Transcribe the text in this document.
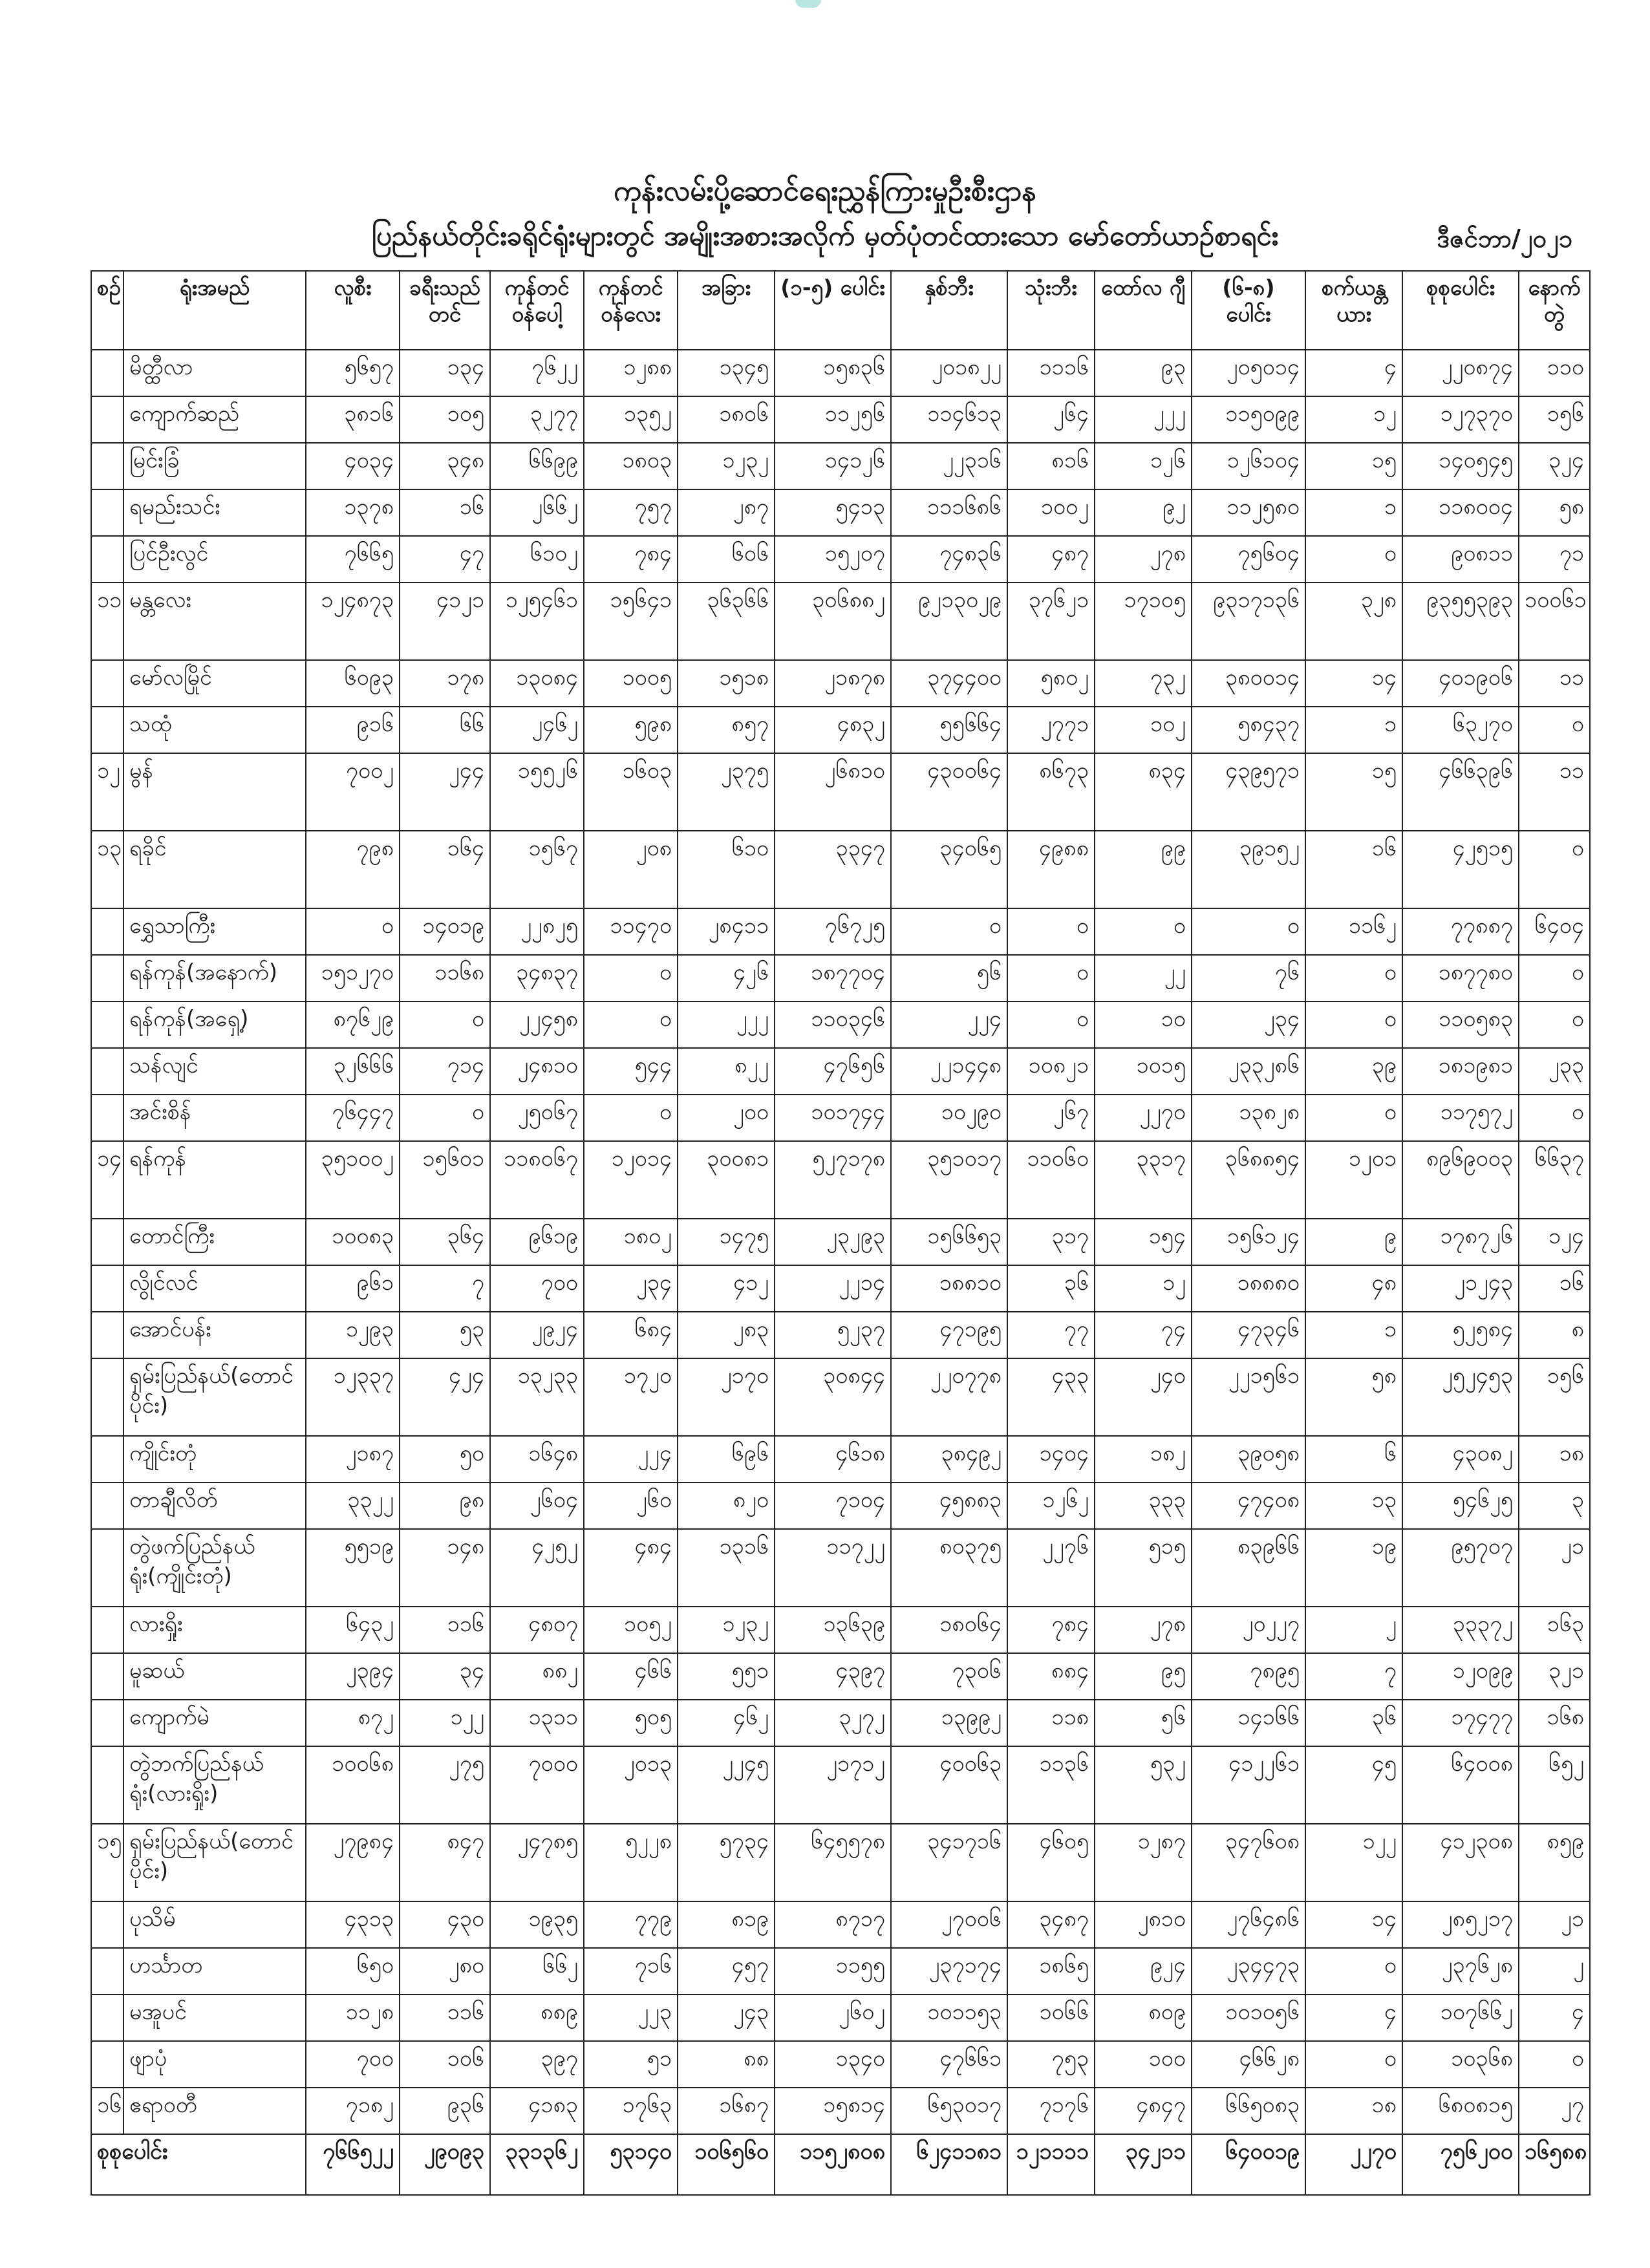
ကုန်းလမ်းပို့ဆောင်ရေးညွှန်ကြားမှုဦးစီးဌာန
ပြည်နယ်တိုင်းခရိုင်ရုံးများတွင် အမျိုးအစားအလိုက် မှတ်ပုံတင်ထားသော မော်တော်ယာဉ်စာရင်း	ဒီဇင်ဘာ/၂၀၂၁
စဉ်	ရုံးအမည်	လူစီး	ခရီးသည် တင်	ကုန်တင် ဝန်ပေါ့	ကုန်တင် ဝန်လေး	အခြား	(၁-၅) ပေါင်း	နှစ်ဘီး	သုံးဘီး	ထော်လ ဂျီ	(၆-၈) ပေါင်း	စက်ယန္တယား	စုစုပေါင်း	နောက်တွဲ
	မိတ္ထီလာ	၅၆၅၇	၁၃၄	၇၆၂၂	၁၂၈၈	၁၃၄၅	၁၅၈၃၆	၂၀၁၈၂၂	၁၁၁၆	၉၃	၂၀၅၀၁၄	၄	၂၂၀၈၇၄	၁၁၀
	ကျောက်ဆည်	၃၈၁၆	၁၀၅	၃၂၇၇	၁၃၅၂	၁၈၀၆	၁၁၂၅၆	၁၁၄၆၁၃	၂၆၄	၂၂၂	၁၁၅၀၉၉	၁၂	၁၂၇၃၇၀	၁၅၆
	မြင်းခြံ	၄၀၃၄	၃၄၈	၆၆၉၉	၁၈၀၃	၁၂၃၂	၁၄၁၂၆	၂၂၃၁၆	၈၁၆	၁၂၆	၁၂၆၁၀၄	၁၅	၁၄၀၅၄၅	၃၂၄
	ရမည်းသင်း	၁၃၇၈	၁၆	၂၆၆၂	၇၅၇	၂၈၇	၅၄၁၃	၁၁၁၆၈၆	၁၀၀၂	၉၂	၁၁၂၅၈၀	၁	၁၁၈၀၀၄	၅၈
	ပြင်ဦးလွင်	၇၆၆၅	၄၇	၆၁၀၂	၇၈၄	၆၀၆	၁၅၂၀၇	၇၄၈၃၆	၄၈၇	၂၇၈	၇၅၆၀၄	၀	၉၀၈၁၁	၇၁
၁၁	မန္တလေး	၁၂၄၈၇၃	၄၁၂၁	၁၂၅၄၆၁	၁၅၆၄၁	၃၆၃၆၆	၃၀၆၈၈၂	၉၂၁၃၀၂၉	၃၇၆၂၁	၁၇၁၀၅	၉၃၁၇၁၃၆	၃၂၈	၉၃၅၅၃၉၃	၁၀၀၆၁
	မော်လမြိုင်	၆၀၉၃	၁၇၈	၁၃၀၈၄	၁၀၀၅	၁၅၁၈	၂၁၈၇၈	၃၇၄၄၀၀	၅၈၀၂	၇၃၂	၃၈၀၀၁၄	၁၄	၄၀၁၉၀၆	၁၁
	သထုံ	၉၁၆	၆၆	၂၄၆၂	၅၉၈	၈၅၇	၄၈၃၂	၅၅၆၆၄	၂၇၇၁	၁၀၂	၅၈၄၃၇	၁	၆၃၂၇၀	၀
၁၂	မွန်	၇၀၀၂	၂၄၄	၁၅၅၂၆	၁၆၀၃	၂၃၇၅	၂၆၈၁၀	၄၃၀၀၆၄	၈၆၇၃	၈၃၄	၄၃၉၅၇၁	၁၅	၄၆၆၃၉၆	၁၁
၁၃	ရခိုင်	၇၉၈	၁၆၄	၁၅၆၇	၂၀၈	၆၁၀	၃၃၄၇	၃၄၀၆၅	၄၉၈၈	၉၉	၃၉၁၅၂	၁၆	၄၂၅၁၅	၀
	ရွှေသာကြီး	၀	၁၄၀၁၉	၂၂၈၂၅	၁၁၄၇၀	၂၈၄၁၁	၇၆၇၂၅	၀	၀	၀	၀	၁၁၆၂	၇၇၈၈၇	၆၄၀၄
	ရန်ကုန်(အနောက်)	၁၅၁၂၇၀	၁၁၆၈	၃၄၈၃၇	၀	၄၂၆	၁၈၇၇၀၄	၅၆	၀	၂၂	၇၆	၀	၁၈၇၇၈၀	၀
	ရန်ကုန်(အရှေ့)	၈၇၆၂၉	၀	၂၂၄၅၈	၀	၂၂၂	၁၁၀၃၄၆	၂၂၄	၀	၁၀	၂၃၄	၀	၁၁၀၅၈၃	၀
	သန်လျင်	၃၂၆၆၆	၇၁၄	၂၄၈၁၀	၅၄၄	၈၂၂	၄၇၆၅၆	၂၂၁၄၄၈	၁၀၈၂၁	၁၀၁၅	၂၃၃၂၈၆	၃၉	၁၈၁၉၈၁	၂၃၃
	အင်းစိန်	၇၆၄၄၇	၀	၂၅၀၆၇	၀	၂၀၀	၁၀၁၇၄၄	၁၀၂၉၀	၂၆၇	၂၂၇၀	၁၃၈၂၈	၀	၁၁၇၅၇၂	၀
၁၄	ရန်ကုန်	၃၅၁၀၀၂	၁၅၆၀၁	၁၁၈၀၆၇	၁၂၀၁၄	၃၀၀၈၁	၅၂၇၁၇၈	၃၅၁၀၁၇	၁၁၀၆၀	၃၃၁၇	၃၆၈၈၅၄	၁၂၀၁	၈၉၆၉၀၀၃	၆၆၃၇
	တောင်ကြီး	၁၀၀၈၃	၃၆၄	၉၆၁၉	၁၈၀၂	၁၄၇၅	၂၃၂၉၃	၁၅၆၆၅၃	၃၁၇	၁၅၄	၁၅၆၁၂၄	၉	၁၇၈၇၂၆	၁၂၄
	လွိုင်လင်	၉၆၁	၇	၇၀၀	၂၃၄	၄၁၂	၂၂၁၄	၁၈၈၁၀	၃၆	၁၂	၁၈၈၈၀	၄၈	၂၁၂၄၃	၁၆
	အောင်ပန်း	၁၂၉၃	၅၃	၂၉၂၄	၆၈၄	၂၈၃	၅၂၃၇	၄၇၁၉၅	၇၇	၇၄	၄၇၃၄၆	၁	၅၂၅၈၄	၈
	ရှမ်းပြည်နယ်(တောင်ပိုင်း)	၁၂၃၃၇	၄၂၄	၁၃၂၃၃	၁၇၂၀	၂၁၇၀	၃၀၈၄၄	၂၂၀၇၇၈	၄၃၃	၂၄၀	၂၂၁၅၆၁	၅၈	၂၅၂၄၅၃	၁၅၆
	ကျိုင်းတုံ	၂၁၈၇	၅၀	၁၆၄၈	၂၂၄	၆၉၆	၄၆၁၈	၃၈၄၉၂	၁၄၀၄	၁၈၂	၃၉၀၅၈	၆	၄၃၀၈၂	၁၈
	တာချီလိတ်	၃၃၂၂	၉၈	၂၆၀၄	၂၆၀	၈၂၀	၇၁၀၄	၄၅၈၈၃	၁၂၆၂	၃၃၃	၄၇၄၀၈	၁၃	၅၄၆၂၅	၃
	တွဲဖက်ပြည်နယ်ရုံး(ကျိုင်းတုံ)	၅၅၁၉	၁၄၈	၄၂၅၂	၄၈၄	၁၃၁၆	၁၁၇၂၂	၈၀၃၇၅	၂၂၇၆	၅၁၅	၈၃၉၆၆	၁၉	၉၅၇၀၇	၂၁
	လားရှိုး	၆၄၃၂	၁၁၆	၄၈၀၇	၁၀၅၂	၁၂၃၂	၁၃၆၃၉	၁၈၀၆၄	၇၈၄	၂၇၈	၂၀၂၂၇	၂	၃၃၃၇၂	၁၆၃
	မူဆယ်	၂၃၉၄	၃၄	၈၈၂	၄၆၆	၅၅၁	၄၃၉၇	၇၃၀၆	၈၈၄	၉၅	၇၈၉၅	၇	၁၂၀၉၉	၃၂၁
	ကျောက်မဲ	၈၇၂	၁၂၂	၁၃၁၁	၅၀၅	၄၆၂	၃၂၇၂	၁၃၉၉၂	၁၁၈	၅၆	၁၄၁၆၆	၃၆	၁၇၄၇၇	၁၆၈
	တွဲဘက်ပြည်နယ်ရုံး(လားရှိုး)	၁၀၀၆၈	၂၇၅	၇၀၀၀	၂၀၁၃	၂၂၄၅	၂၁၇၁၂	၄၀၀၆၃	၁၁၃၆	၅၃၂	၄၁၂၂၆၁	၄၅	၆၄၀၀၈	၆၅၂
၁၅	ရှမ်းပြည်နယ်(တောင်ပိုင်း)	၂၇၉၈၄	၈၄၇	၂၄၇၈၅	၅၂၂၈	၅၇၃၄	၆၄၅၅၇၈	၃၄၁၇၁၆	၄၆၀၅	၁၂၈၇	၃၄၇၆၀၈	၁၂၂	၄၁၂၃၀၈	၈၅၉
	ပုသိမ်	၄၃၁၃	၄၃၀	၁၉၃၅	၇၇၉	၈၁၉	၈၇၁၇	၂၇၀၀၆	၃၄၈၇	၂၈၁၀	၂၇၆၄၈၆	၁၄	၂၈၅၂၁၇	၂၁
	ဟင်္သာတ	၆၅၀	၂၈၀	၆၆၂	၇၁၆	၄၅၇	၁၁၅၅	၂၃၇၁၇၄	၁၈၆၅	၉၂၄	၂၃၄၄၇၃	၀	၂၃၇၆၂၈	၂
	မအူပင်	၁၁၂၈	၁၁၆	၈၈၉	၂၂၃	၂၄၃	၂၆၀၂	၁၀၁၁၅၃	၁၀၆၆	၈၀၉	၁၀၁၀၅၆	၄	၁၀၇၆၆၂	၄
	ဖျာပုံ	၇၀၀	၁၀၆	၃၉၇	၅၁	၈၈	၁၃၄၀	၄၇၆၆၁	၇၅၃	၁၀၀	၄၆၆၂၈	၀	၁၀၃၆၈	၀
၁၆	ဧရာဝတီ	၇၁၈၂	၉၃၆	၄၁၈၃	၁၇၆၃	၁၆၈၇	၁၅၈၁၄	၆၅၃၀၁၇	၇၁၇၆	၄၈၄၇	၆၆၅၀၈၃	၁၈	၆၈၀၈၁၅	၂၇
စုစုပေါင်း		၇၆၆၅၂၂	၂၉၀၉၃	၃၃၁၃၆၂	၅၃၁၄၀	၁၀၆၅၆၀	၁၁၅၂၈၀၈	၆၂၄၁၁၈၁	၁၂၁၁၁၁	၃၄၂၁၁	၆၄၀၀၁၉	၂၂၇၀	၇၅၆၂၀၀	၁၆၅၈၈
